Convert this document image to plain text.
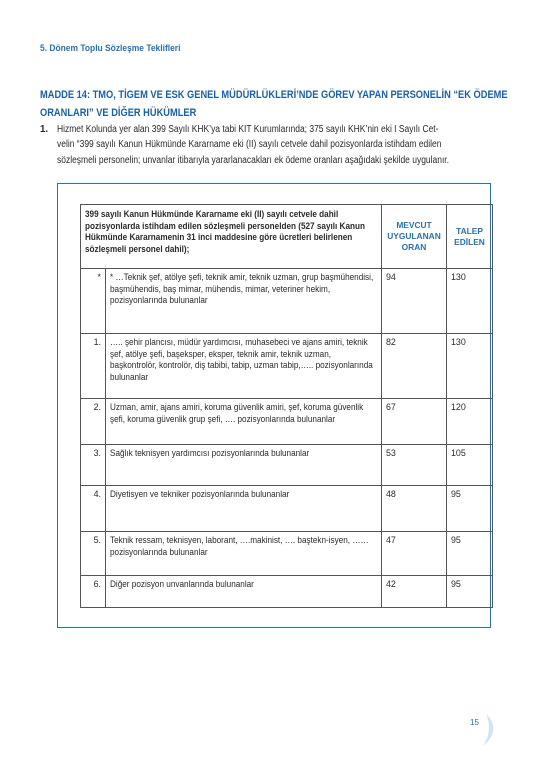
5. Dönem Toplu Sözleşme Teklifleri
MADDE 14: TMO, TİGEM VE ESK GENEL MÜDÜRLÜKLERİ’NDE GÖREV YAPAN PERSONELİN “EK ÖDEME
ORANLARI” VE DİĞER HÜKÜMLER
1. Hizmet Kolunda yer alan 399 Sayılı KHK’ya tabi KİT Kurumlarında; 375 sayılı KHK’nin eki I Sayılı Cet-
velin “399 sayılı Kanun Hükmünde Kararname eki (II) sayılı cetvele dahil pozisyonlarda istihdam edilen
sözleşmeli personelin; unvanlar itibarıyla yararlanacakları ek ödeme oranları aşağıdaki şekilde uygulanır.
399 sayılı Kanun Hükmünde Kararname eki (II) sayılı cetvele dahil pozisyonlarda istihdam edilen sözleşmeli personelden (527 sayılı Kanun Hükmünde Kararnamenin 31 inci maddesine göre ücretleri belirlenen sözleşmeli personel dahil);		MEVCUT UYGULANAN ORAN	TALEP EDİLEN
*	* …Teknik şef, atölye şefi, teknik amir, teknik uzman, grup başmühendisi, başmühendis, baş mimar, mühendis, mimar, veteriner hekim, pozisyonlarında bulunanlar	94	130
1.	….. şehir plancısı, müdür yardımcısı, muhasebeci ve ajans amiri, teknik şef, atölye şefi, başeksper, eksper, teknik amir, teknik uzman, başkontrolör, kontrolör, diş tabibi, tabip, uzman tabip,….. pozisyonlarında bulunanlar	82	130
2.	Uzman, amir, ajans amiri, koruma güvenlik amiri, şef, koruma güvenlik şefi, koruma güvenlik grup şefi, …. pozisyonlarında bulunanlar	67	120
3.	Sağlık teknisyen yardımcısı pozisyonlarında bulunanlar	53	105
4.	Diyetisyen ve tekniker pozisyonlarında bulunanlar	48	95
5.	Teknik ressam, teknisyen, laborant, ….makinist, …. baştekn-isyen, …… pozisyonlarında bulunanlar	47	95
6.	Diğer pozisyon unvanlarında bulunanlar	42	95
15
